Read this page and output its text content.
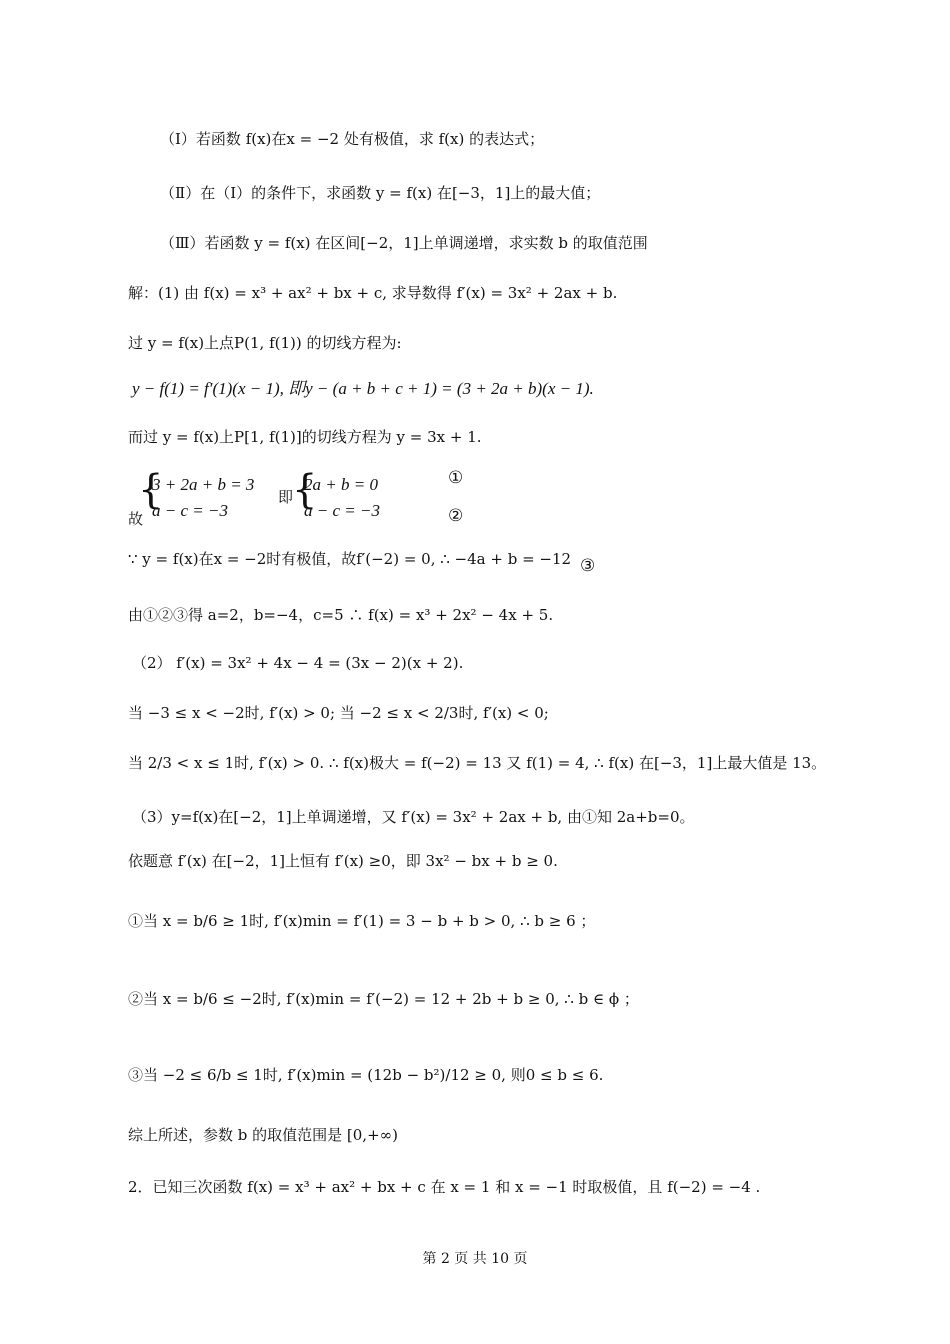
（Ⅰ）若函数 f(x)在x = −2 处有极值，求 f(x) 的表达式；
（Ⅱ）在（Ⅰ）的条件下，求函数 y = f(x) 在[−3，1]上的最大值；
（Ⅲ）若函数 y = f(x) 在区间[−2，1]上单调递增，求实数 b 的取值范围
解：(1) 由 f(x) = x³ + ax² + bx + c, 求导数得 f′(x) = 3x² + 2ax + b.
过 y = f(x)上点P(1, f(1)) 的切线方程为:
y − f(1) = f′(1)(x − 1), 即y − (a + b + c + 1) = (3 + 2a + b)(x − 1).
而过 y = f(x)上P[1, f(1)]的切线方程为 y = 3x + 1.
故
{
3 + 2a + b = 3
a − c = −3
即
{
2a + b = 0
a − c = −3
①
②
∵ y = f(x)在x = −2时有极值，故f′(−2) = 0, ∴ −4a + b = −12 ③
由①②③得 a=2，b=−4，c=5 ∴ f(x) = x³ + 2x² − 4x + 5.
（2） f′(x) = 3x² + 4x − 4 = (3x − 2)(x + 2).
当 −3 ≤ x < −2时, f′(x) > 0; 当 −2 ≤ x < 2/3时, f′(x) < 0;
当 2/3 < x ≤ 1时, f′(x) > 0. ∴ f(x)极大 = f(−2) = 13 又 f(1) = 4, ∴ f(x) 在[−3，1]上最大值是 13。
（3）y=f(x)在[−2，1]上单调递增，又 f′(x) = 3x² + 2ax + b, 由①知 2a+b=0。
依题意 f′(x) 在[−2，1]上恒有 f′(x) ≥0，即 3x² − bx + b ≥ 0.
①当 x = b/6 ≥ 1时, f′(x)min = f′(1) = 3 − b + b > 0, ∴ b ≥ 6 ；
②当 x = b/6 ≤ −2时, f′(x)min = f′(−2) = 12 + 2b + b ≥ 0, ∴ b ∈ ϕ ；
③当 −2 ≤ 6/b ≤ 1时, f′(x)min = (12b − b²)/12 ≥ 0, 则0 ≤ b ≤ 6.
综上所述，参数 b 的取值范围是 [0,+∞)
2．已知三次函数 f(x) = x³ + ax² + bx + c 在 x = 1 和 x = −1 时取极值，且 f(−2) = −4 .
第 2 页 共 10 页
